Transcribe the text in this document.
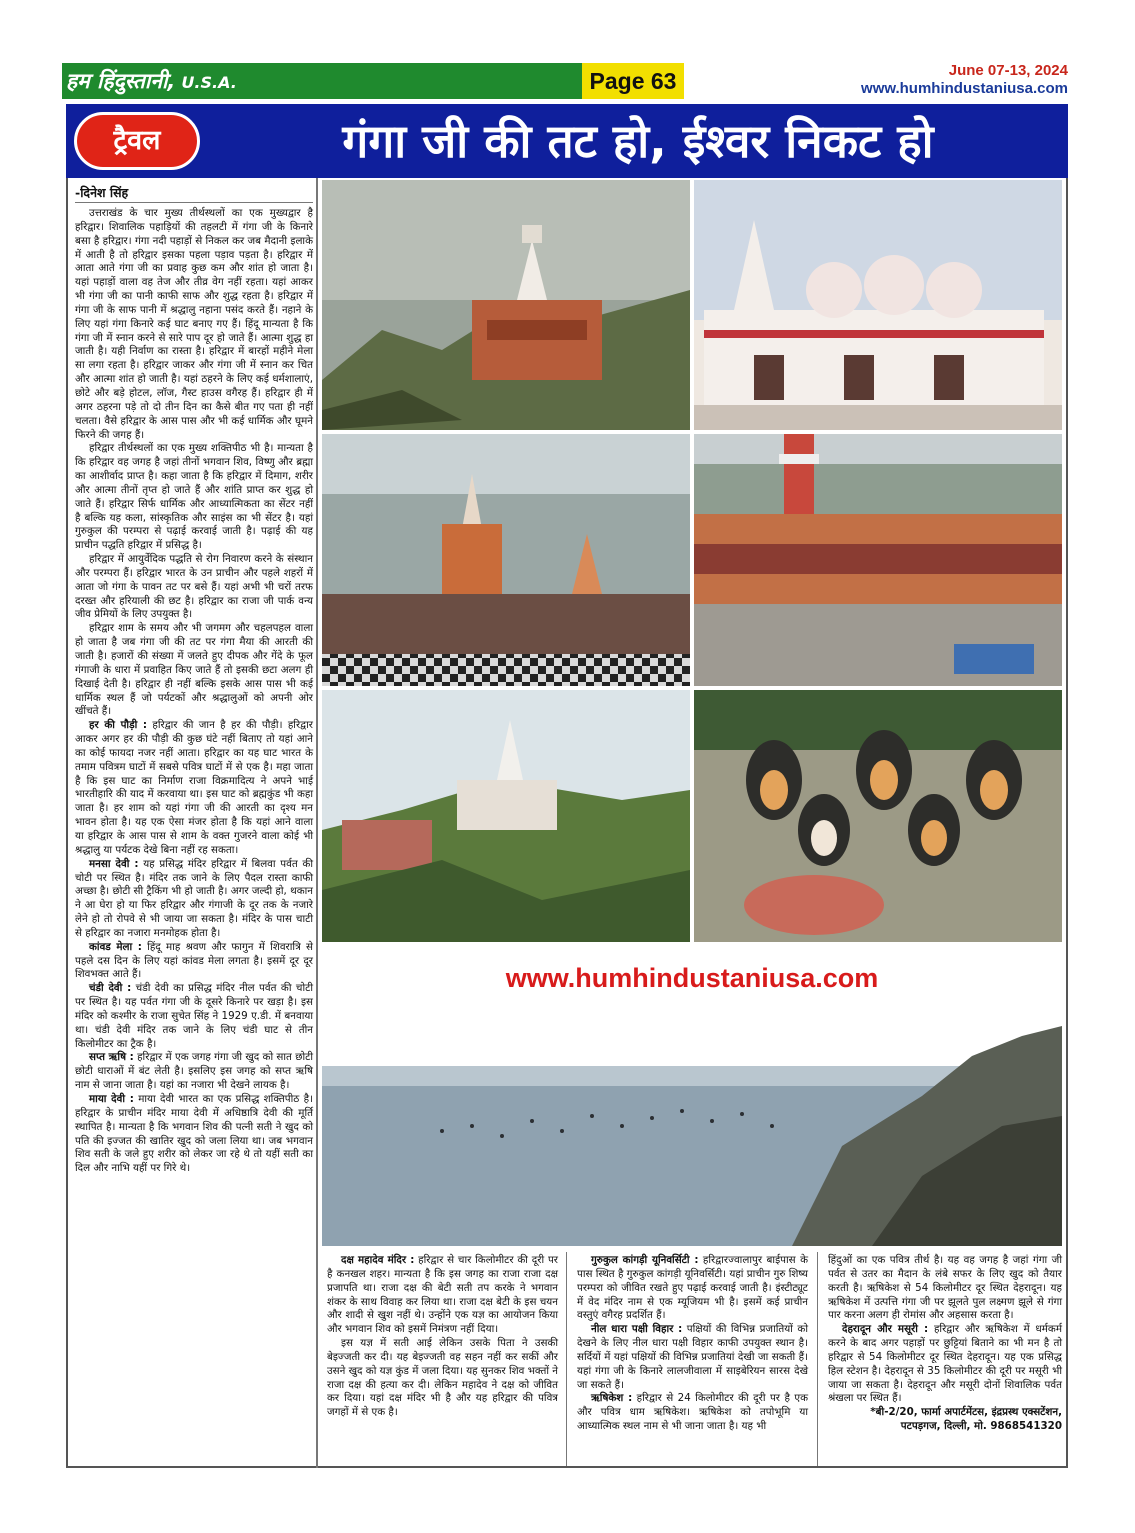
हम हिंदुस्तानी, U.S.A.	Page 63	June 07-13, 2024
www.humhindustaniusa.com
ट्रैवल	गंगा जी की तट हो, ईश्वर निकट हो
-दिनेश सिंह

उत्तराखंड के चार मुख्य तीर्थस्थलों का एक मुख्यद्वार है हरिद्वार। शिवालिक पहाड़ियों की तहलटी में गंगा जी के किनारे बसा है हरिद्वार। गंगा नदी पहाड़ों से निकल कर जब मैदानी इलाके में आती है तो हरिद्वार इसका पहला पड़ाव पड़ता है। हरिद्वार में आता आते गंगा जी का प्रवाह कुछ कम और शांत हो जाता है। यहां पहाड़ों वाला वह तेज और तीव्र वेग नहीं रहता। यहां आकर भी गंगा जी का पानी काफी साफ और शुद्ध रहता है। हरिद्वार में गंगा जी के साफ पानी में श्रद्धालु नहाना पसंद करते हैं। नहाने के लिए यहां गंगा किनारे कई घाट बनाए गए हैं। हिंदू मान्यता है कि गंगा जी में स्नान करने से सारे पाप दूर हो जाते हैं। आत्मा शुद्ध हा जाती है। यही निर्वाण का रास्ता है। हरिद्वार में बारहों महीने मेला सा लगा रहता है। हरिद्वार जाकर और गंगा जी में स्नान कर चित और आत्मा शांत हो जाती है। यहां ठहरने के लिए कई धर्मशालाएं, छोटे और बड़े होटल, लॉज, गैस्ट हाउस वगैरह हैं। हरिद्वार ही में अगर ठहरना पड़े तो दो तीन दिन का कैसे बीत गए पता ही नहीं चलता। वैसे हरिद्वार के आस पास और भी कई धार्मिक और घूमने फिरने की जगह हैं।

हरिद्वार तीर्थस्थलों का एक मुख्य शक्तिपीठ भी है। मान्यता है कि हरिद्वार वह जगह है जहां तीनों भगवान शिव, विष्णु और ब्रह्मा का आशीर्वाद प्राप्त है। कहा जाता है कि हरिद्वार में दिमाग, शरीर और आत्मा तीनों तृप्त हो जाते हैं और शांति प्राप्त कर शुद्ध हो जाते हैं। हरिद्वार सिर्फ धार्मिक और आध्यात्मिकता का सेंटर नहीं है बल्कि यह कला, सांस्कृतिक और साइंस का भी सेंटर है। यहां गुरुकुल की परम्परा से पढ़ाई करवाई जाती है। पढ़ाई की यह प्राचीन पद्धति हरिद्वार में प्रसिद्ध है।

हरिद्वार में आयुर्वेदिक पद्धति से रोग निवारण करने के संस्थान और परम्परा हैं। हरिद्वार भारत के उन प्राचीन और पहले शहरों में आता जो गंगा के पावन तट पर बसे हैं। यहां अभी भी चरों तरफ दरख्त और हरियाली की छट है। हरिद्वार का राजा जी पार्क वन्य जीव प्रेमियों के लिए उपयुक्त है।

हरिद्वार शाम के समय और भी जगमग और चहलपहल वाला हो जाता है जब गंगा जी की तट पर गंगा मैया की आरती की जाती है। हजारों की संख्या में जलते हुए दीपक और गेंदे के फूल गंगाजी के धारा में प्रवाहित किए जाते हैं तो इसकी छटा अलग ही दिखाई देती है। हरिद्वार ही नहीं बल्कि इसके आस पास भी कई धार्मिक स्थल हैं जो पर्यटकों और श्रद्धालुओं को अपनी ओर खींचते हैं।

हर की पौड़ी : हरिद्वार की जान है हर की पौड़ी। हरिद्वार आकर अगर हर की पौड़ी की कुछ घंटे नहीं बिताए तो यहां आने का कोई फायदा नजर नहीं आता। हरिद्वार का यह घाट भारत के तमाम पवित्रम घाटों में सबसे पवित्र घाटों में से एक है। महा जाता है कि इस घाट का निर्माण राजा विक्रमादित्य ने अपने भाई भारतीहारि की याद में करवाया था। इस घाट को ब्रह्मकुंड भी कहा जाता है। हर शाम को यहां गंगा जी की आरती का दृश्य मन भावन होता है। यह एक ऐसा मंजर होता है कि यहां आने वाला या हरिद्वार के आस पास से शाम के वक्त गुजरने वाला कोई भी श्रद्धालु या पर्यटक देखे बिना नहीं रह सकता।

मनसा देवी : यह प्रसिद्ध मंदिर हरिद्वार में बिलवा पर्वत की चोटी पर स्थित है। मंदिर तक जाने के लिए पैदल रास्ता काफी अच्छा है। छोटी सी ट्रैकिंग भी हो जाती है। अगर जल्दी हो, थकान ने आ घेरा हो या फिर हरिद्वार और गंगाजी के दूर तक के नजारे लेने हो तो रोपवे से भी जाया जा सकता है। मंदिर के पास चाटी से हरिद्वार का नजारा मनमोहक होता है।

कांवड मेला : हिंदू माह श्रवण और फागुन में शिवरात्रि से पहले दस दिन के लिए यहां कांवड मेला लगता है। इसमें दूर दूर शिवभक्त आते हैं।

चंडी देवी : चंडी देवी का प्रसिद्ध मंदिर नील पर्वत की चोटी पर स्थित है। यह पर्वत गंगा जी के दूसरे किनारे पर खड़ा है। इस मंदिर को कश्मीर के राजा सुचेत सिंह ने 1929 ए.डी. में बनवाया था। चंडी देवी मंदिर तक जाने के लिए चंडी घाट से तीन किलोमीटर का ट्रैक है।

सप्त ऋषि : हरिद्वार में एक जगह गंगा जी खुद को सात छोटी छोटी धाराओं में बंट लेती है। इसलिए इस जगह को सप्त ऋषि नाम से जाना जाता है। यहां का नजारा भी देखने लायक है।

माया देवी : माया देवी भारत का एक प्रसिद्ध शक्तिपीठ है। हरिद्वार के प्राचीन मंदिर माया देवी में अधिष्ठात्रि देवी की मूर्ति स्थापित है। मान्यता है कि भगवान शिव की पत्नी सती ने खुद को पति की इज्जत की खातिर खुद को जला लिया था। जब भगवान शिव सती के जले हुए शरीर को लेकर जा रहे थे तो यहीं सती का दिल और नाभि यहीं पर गिरे थे।

www.humhindustaniusa.com

दक्ष महादेव मंदिर : हरिद्वार से चार किलोमीटर की दूरी पर है कनखल शहर। मान्यता है कि इस जगह का राजा राजा दक्ष प्रजापति था। राजा दक्ष की बेटी सती तप करके ने भगवान शंकर के साथ विवाह कर लिया था। राजा दक्ष बेटी के इस चयन और शादी से खुश नहीं थे। उन्होंने एक यज्ञ का आयोजन किया और भगवान शिव को इसमें निमंत्रण नहीं दिया।

इस यज्ञ में सती आई लेकिन उसके पिता ने उसकी बेइज्जती कर दी। यह बेइज्जती वह सहन नहीं कर सकीं और उसने खुद को यज्ञ कुंड में जला दिया। यह सुनकर शिव भक्तों ने राजा दक्ष की हत्या कर दी। लेकिन महादेव ने दक्ष को जीवित कर दिया। यहां दक्ष मंदिर भी है और यह हरिद्वार की पवित्र जगहों में से एक है।

गुरुकुल कांगड़ी यूनिवर्सिटी : हरिद्वारज्वालापुर बाईपास के पास स्थित है गुरुकुल कांगड़ी यूनिवर्सिटी। यहां प्राचीन गुरु शिष्य परम्परा को जीवित रखते हुए पढ़ाई करवाई जाती है। इंस्टीट्यूट में वेद मंदिर नाम से एक म्यूजियम भी है। इसमें कई प्राचीन वस्तुएं वगैरह प्रदर्शित हैं।

नील धारा पक्षी विहार : पक्षियों की विभिन्न प्रजातियों को देखने के लिए नील धारा पक्षी विहार काफी उपयुक्त स्थान है। सर्दियों में यहां पक्षियों की विभिन्न प्रजातियां देखी जा सकती हैं। यहां गंगा जी के किनारे लालजीवाला में साइबेरियन सारस देखे जा सकते हैं।

ऋषिकेश : हरिद्वार से 24 किलोमीटर की दूरी पर है एक और पवित्र धाम ऋषिकेश। ऋषिकेश को तपोभूमि या आध्यात्मिक स्थल नाम से भी जाना जाता है। यह भी

हिंदुओं का एक पवित्र तीर्थ है। यह वह जगह है जहां गंगा जी पर्वत से उतर का मैदान के लंबे सफर के लिए खुद को तैयार करती है। ऋषिकेश से 54 किलोमीटर दूर स्थित देहरादून। यह ऋषिकेश में उत्पत्ति गंगा जी पर झूलते पुल लक्ष्मण झूले से गंगा पार करना अलग ही रोमांस और अहसास करता है।

देहरादून और मसूरी : हरिद्वार और ऋषिकेश में धर्मकर्म करने के बाद अगर पहाड़ों पर छुट्टियां बिताने का भी मन है तो हरिद्वार से 54 किलोमीटर दूर स्थित देहरादून। यह एक प्रसिद्ध हिल स्टेशन है। देहरादून से 35 किलोमीटर की दूरी पर मसूरी भी जाया जा सकता है। देहरादून और मसूरी दोनों शिवालिक पर्वत श्रंखला पर स्थित हैं।

*बी-2/20, फार्मा अपार्टमेंटस, इंद्रप्रस्थ एक्सटेंशन,
पटपड़गज, दिल्ली, मो. 9868541320
